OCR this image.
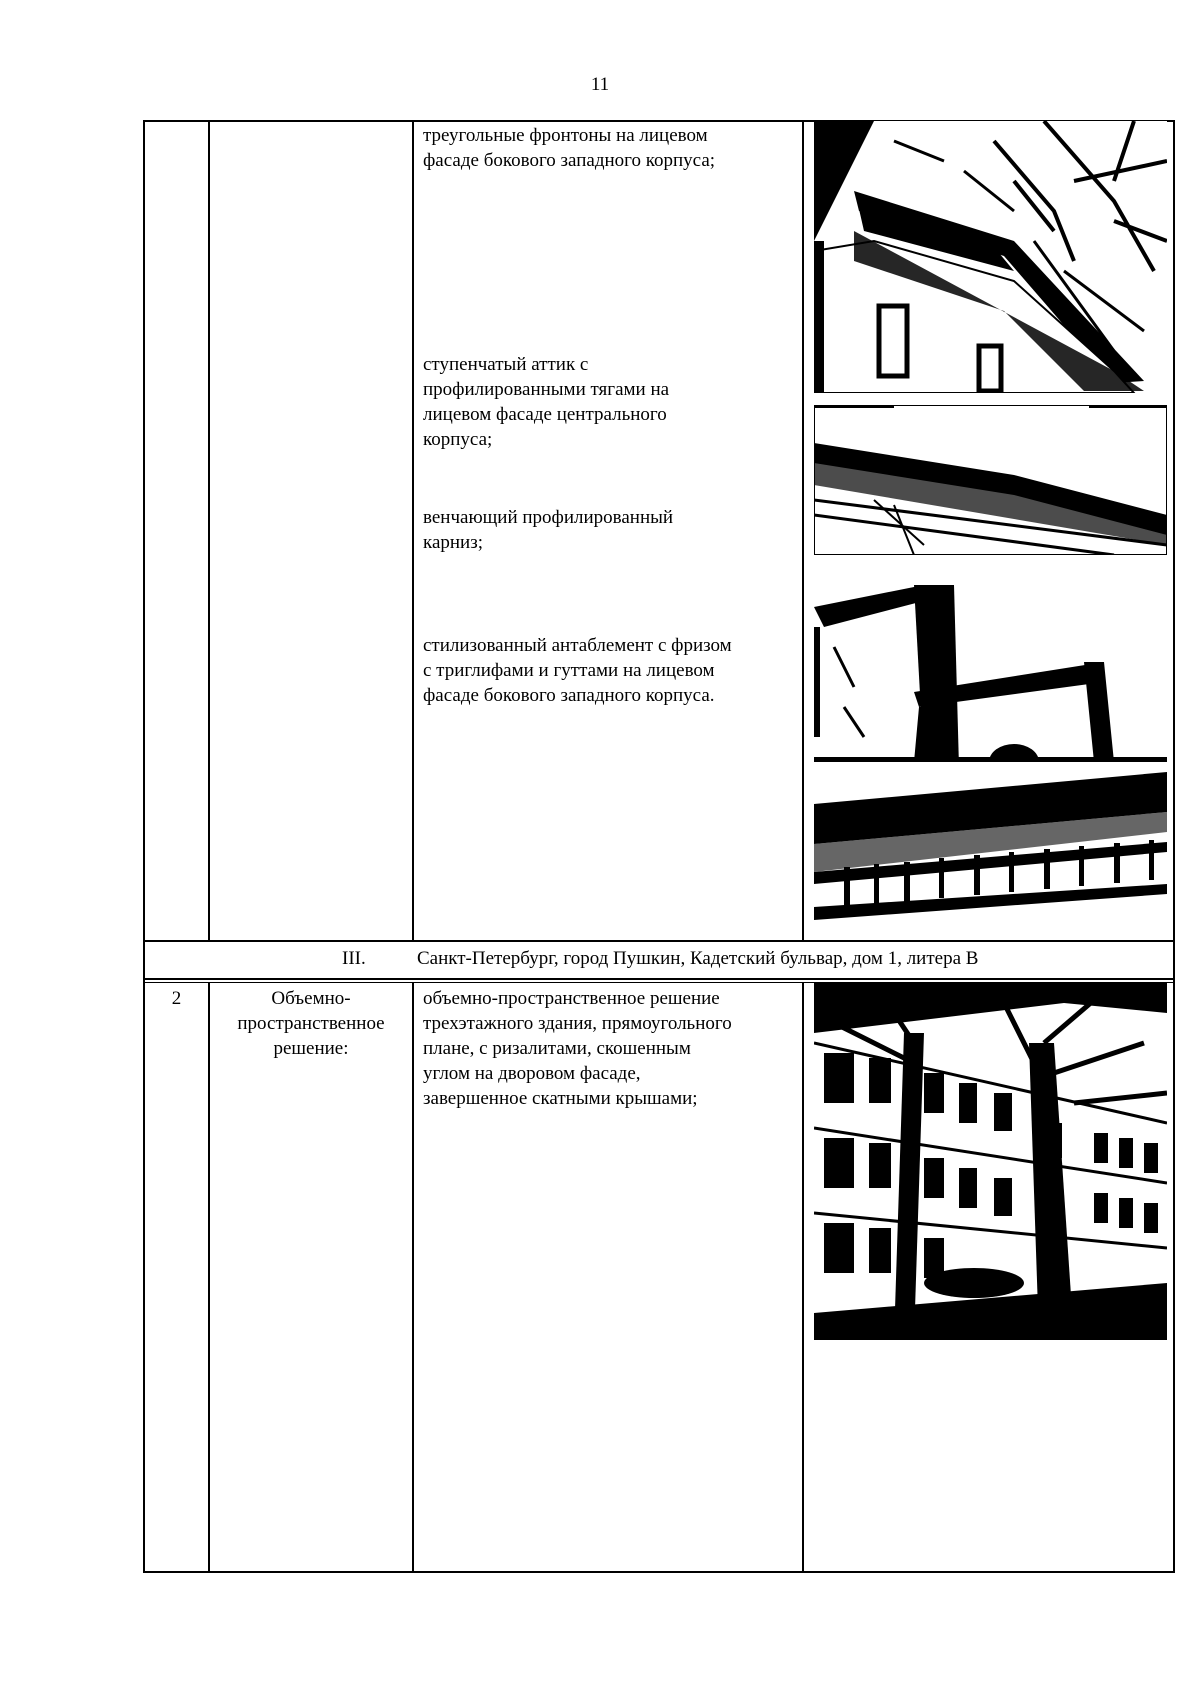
11
треугольные фронтоны на лицевом
фасаде бокового западного корпуса;
ступенчатый аттик с
профилированными тягами на
лицевом фасаде центрального
корпуса;
венчающий профилированный
карниз;
стилизованный антаблемент с фризом
с триглифами и гуттами на лицевом
фасаде бокового западного корпуса.
III.	Санкт-Петербург, город Пушкин, Кадетский бульвар, дом 1, литера В
2	Объемно-
пространственное
решение:
объемно-пространственное решение
трехэтажного здания, прямоугольного
плане, с ризалитами, скошенным
углом на дворовом фасаде,
завершенное скатными крышами;
